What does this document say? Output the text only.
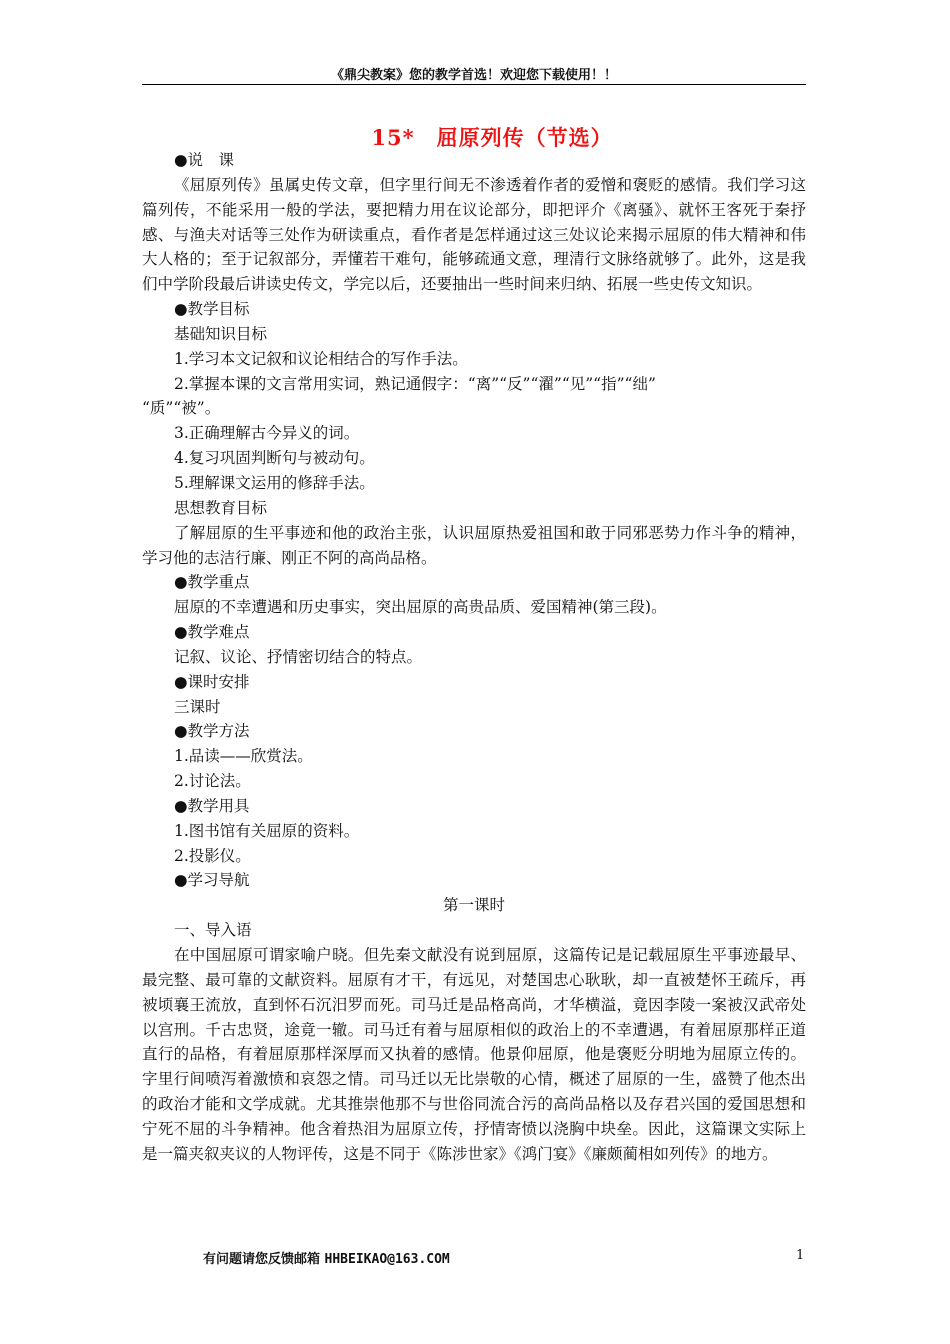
《鼎尖教案》您的教学首选！欢迎您下载使用！！
15*　屈原列传（节选）
●说　课
《屈原列传》虽属史传文章，但字里行间无不渗透着作者的爱憎和褒贬的感情。我们学习这篇列传，不能采用一般的学法，要把精力用在议论部分，即把评介《离骚》、就怀王客死于秦抒感、与渔夫对话等三处作为研读重点，看作者是怎样通过这三处议论来揭示屈原的伟大精神和伟大人格的；至于记叙部分，弄懂若干难句，能够疏通文意，理清行文脉络就够了。此外，这是我们中学阶段最后讲读史传文，学完以后，还要抽出一些时间来归纳、拓展一些史传文知识。
●教学目标
基础知识目标
1.学习本文记叙和议论相结合的写作手法。
2.掌握本课的文言常用实词，熟记通假字：“离”“反”“濯”“见”“指”“绌”
“质”“被”。
3.正确理解古今异义的词。
4.复习巩固判断句与被动句。
5.理解课文运用的修辞手法。
思想教育目标
了解屈原的生平事迹和他的政治主张，认识屈原热爱祖国和敢于同邪恶势力作斗争的精神，学习他的志洁行廉、刚正不阿的高尚品格。
●教学重点
屈原的不幸遭遇和历史事实，突出屈原的高贵品质、爱国精神(第三段)。
●教学难点
记叙、议论、抒情密切结合的特点。
●课时安排
三课时
●教学方法
1.品读——欣赏法。
2.讨论法。
●教学用具
1.图书馆有关屈原的资料。
2.投影仪。
●学习导航
第一课时
一、导入语
在中国屈原可谓家喻户晓。但先秦文献没有说到屈原，这篇传记是记载屈原生平事迹最早、最完整、最可靠的文献资料。屈原有才干，有远见，对楚国忠心耿耿，却一直被楚怀王疏斥，再被顷襄王流放，直到怀石沉汨罗而死。司马迁是品格高尚，才华横溢，竟因李陵一案被汉武帝处以宫刑。千古忠贤，途竟一辙。司马迁有着与屈原相似的政治上的不幸遭遇，有着屈原那样正道直行的品格，有着屈原那样深厚而又执着的感情。他景仰屈原，他是褒贬分明地为屈原立传的。字里行间喷泻着激愤和哀怨之情。司马迁以无比崇敬的心情，概述了屈原的一生，盛赞了他杰出的政治才能和文学成就。尤其推崇他那不与世俗同流合污的高尚品格以及存君兴国的爱国思想和宁死不屈的斗争精神。他含着热泪为屈原立传，抒情寄愤以浇胸中块垒。因此，这篇课文实际上是一篇夹叙夹议的人物评传，这是不同于《陈涉世家》《鸿门宴》《廉颇蔺相如列传》的地方。
有问题请您反馈邮箱 HHBEIKAO@163.COM	1
